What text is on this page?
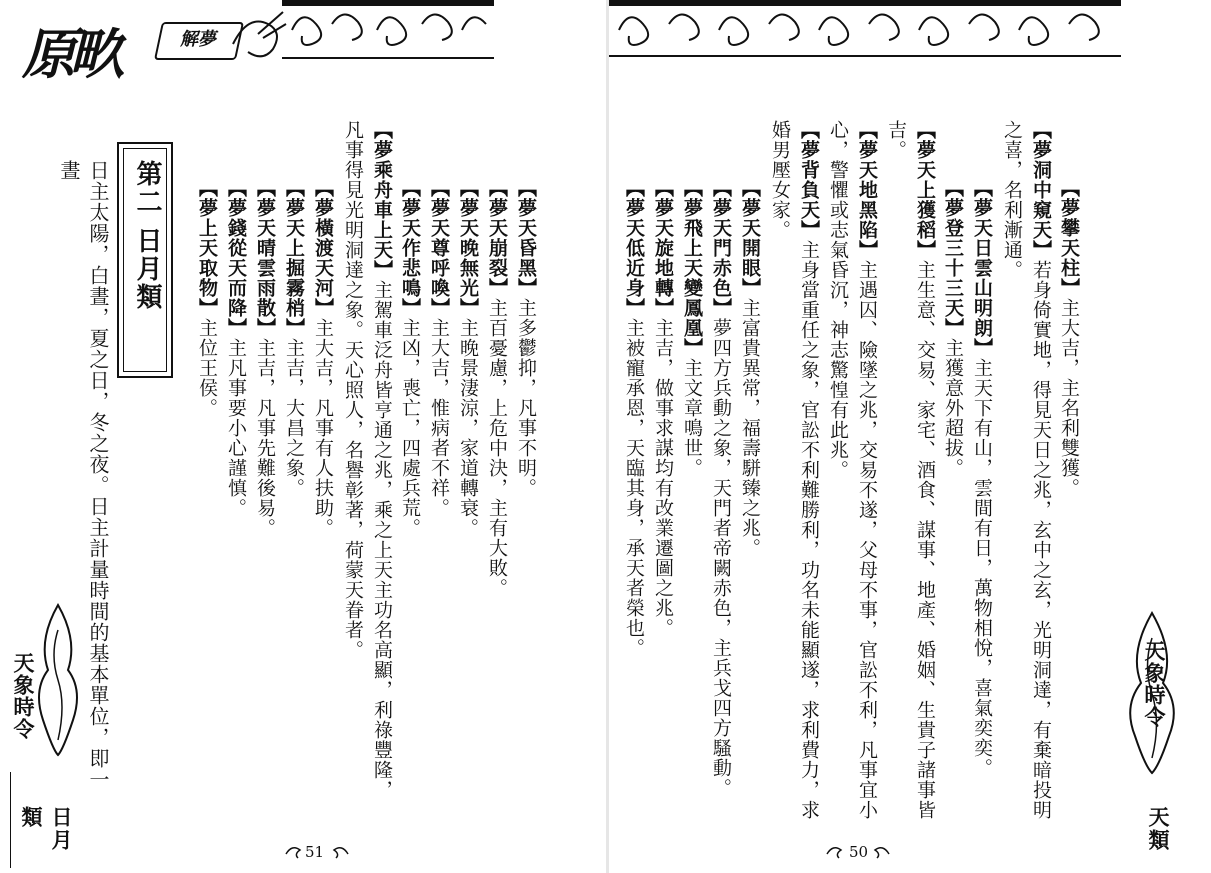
原畂	解夢
第二 日月類	【夢天昏黑】主多鬱抑，凡事不明。
【夢天崩裂】主百憂慮，上危中決，主有大敗。
【夢天晚無光】主晚景淒涼，家道轉衰。
【夢天尊呼喚】主大吉，惟病者不祥。
【夢天作悲鳴】主凶，喪亡，四處兵荒。
【夢乘舟車上天】主駕車泛舟皆亨通之兆，乘之上天主功名高顯，利祿豐隆，凡事得見光明洞達之象。天心照人，名譽彰著，荷蒙天眷者。
【夢橫渡天河】主大吉，凡事有人扶助。
【夢天上掘霧梢】主吉，大昌之象。
【夢天晴雲雨散】主吉，凡事先難後易。
【夢錢從天而降】主凡事要小心謹慎。
【夢上天取物】主位王侯。
日主太陽，白晝，夏之日，冬之夜。日主計量時間的基本單位，即一晝
天象時令
日月類
51
【夢攀天柱】主大吉，主名利雙獲。
【夢洞中窺天】若身倚實地，得見天日之兆，玄中之玄，光明洞達，有棄暗投明之喜，名利漸通。
【夢天日雲山明朗】主天下有山，雲間有日，萬物相悅，喜氣奕奕。
【夢登三十三天】主獲意外超拔。
【夢天上獲稻】主生意、交易、家宅、酒食、謀事、地產、婚姻、生貴子諸事皆吉。
【夢天地黑陷】主遇囚、險墜之兆，交易不遂，父母不事，官訟不利，凡事宜小心，警懼或志氣昏沉，神志驚惶有此兆。
【夢背負天】主身當重任之象，官訟不利難勝利，功名未能顯遂，求利費力，求婚男壓女家。
【夢天開眼】主富貴異常，福壽駢臻之兆。
【夢天門赤色】夢四方兵動之象，天門者帝闕赤色，主兵戈四方騷動。
【夢飛上天變鳳凰】主文章鳴世。
【夢天旋地轉】主吉，做事求謀均有改業遷圖之兆。
【夢天低近身】主被寵承恩，天臨其身，承天者榮也。
天象時令
天類
50
